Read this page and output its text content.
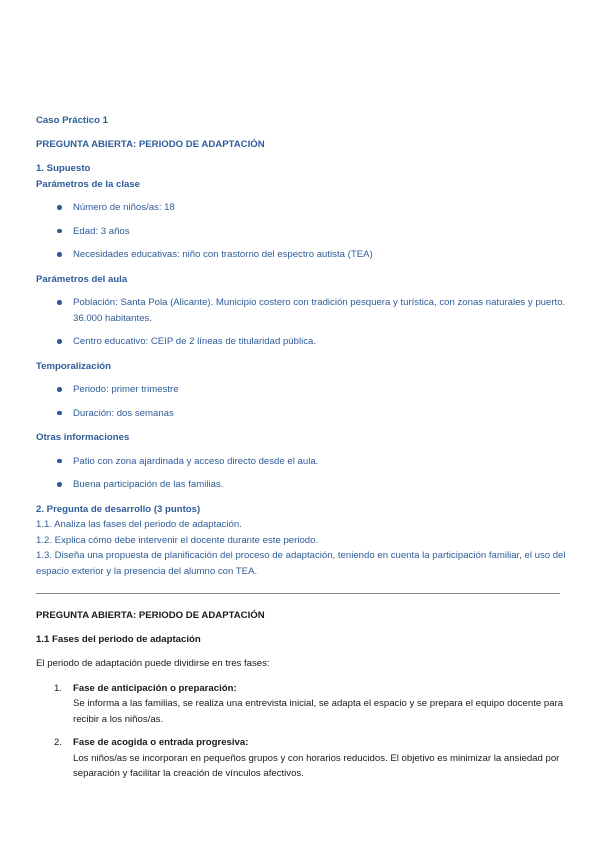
Caso Práctico 1

PREGUNTA ABIERTA: PERIODO DE ADAPTACIÓN

1. Supuesto

Parámetros de la clase

Número de niños/as: 18
Edad: 3 años
Necesidades educativas: niño con trastorno del espectro autista (TEA)

Parámetros del aula

Población: Santa Pola (Alicante). Municipio costero con tradición pesquera y turística, con zonas naturales y puerto. 36.000 habitantes.
Centro educativo: CEIP de 2 líneas de titularidad pública.

Temporalización

Periodo: primer trimestre
Duración: dos semanas

Otras informaciones

Patio con zona ajardinada y acceso directo desde el aula.
Buena participación de las familias.

2. Pregunta de desarrollo (3 puntos)

1.1. Analiza las fases del periodo de adaptación.

1.2. Explica cómo debe intervenir el docente durante este periodo.

1.3. Diseña una propuesta de planificación del proceso de adaptación, teniendo en cuenta la participación familiar, el uso del espacio exterior y la presencia del alumno con TEA.

PREGUNTA ABIERTA: PERIODO DE ADAPTACIÓN

1.1 Fases del periodo de adaptación

El periodo de adaptación puede dividirse en tres fases:

1. Fase de anticipación o preparación:
Se informa a las familias, se realiza una entrevista inicial, se adapta el espacio y se prepara el equipo docente para recibir a los niños/as.
2. Fase de acogida o entrada progresiva:
Los niños/as se incorporan en pequeños grupos y con horarios reducidos. El objetivo es minimizar la ansiedad por separación y facilitar la creación de vínculos afectivos.
